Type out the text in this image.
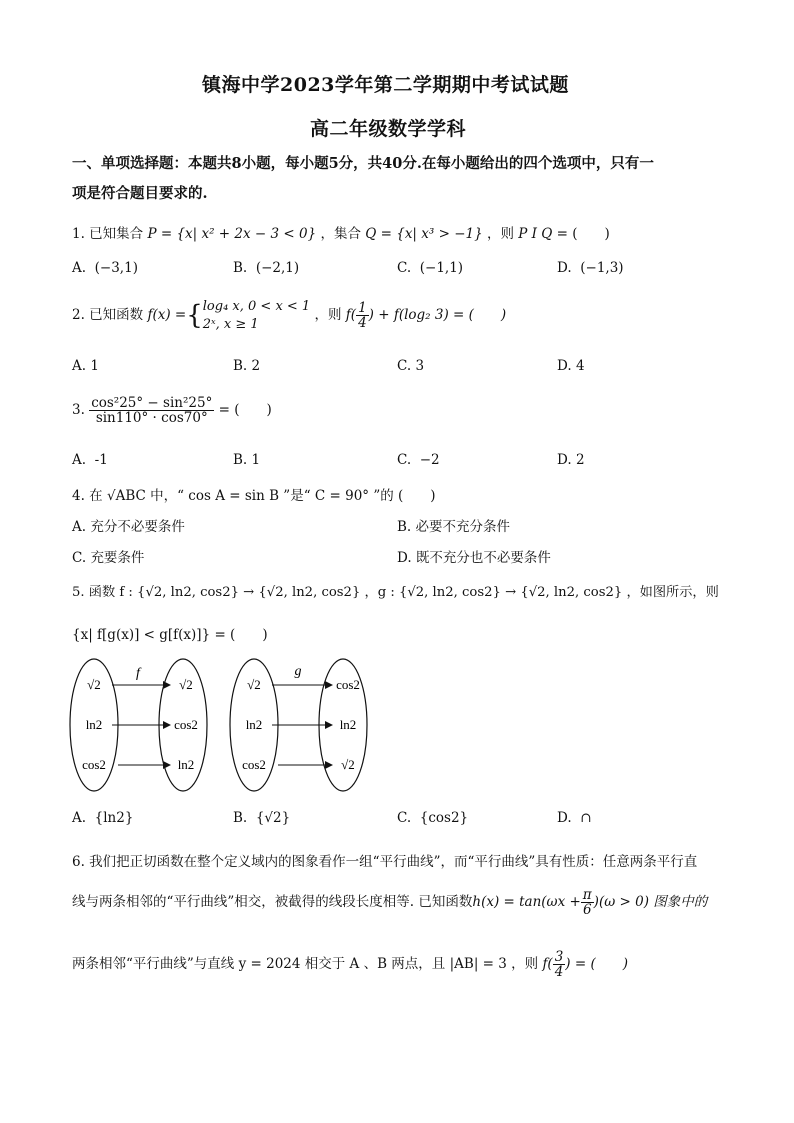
镇海中学2023学年第二学期期中考试试题
高二年级数学学科
一、单项选择题：本题共8小题，每小题5分，共40分.在每小题给出的四个选项中，只有一
项是符合题目要求的.
1. 已知集合 P = {x| x² + 2x − 3 < 0} ，集合 Q = {x| x³ > −1} ，则 P I Q = (　　)
A. (−3,1)	B. (−2,1)	C. (−1,1)	D. (−1,3)
2. 已知函数 f(x) ={ log₄ x, 0 < x < 1
2ˣ, x ≥ 1
，则 $f( \frac{1}{4}$ ) + f(log₂ 3) = (　　)
A. 1	B. 2	C. 3	D. 4
3. $\frac{\text{cos²25° − sin²25°}}{\sin 110^\circ \cdot \cos 70^\circ}$ = (　　)
A. -1	B. 1	C. −2	D. 2
4. 在 √ABC 中，“ cos A = sin B ”是“ C = 90° ”的 (　　)
A. 充分不必要条件	B. 必要不充分条件
C. 充要条件	D. 既不充分也不必要条件
5. 函数 f : {√2, ln2, cos2} → {√2, ln2, cos2} ，g : {√2, ln2, cos2} → {√2, ln2, cos2} ，如图所示，则
{x| f[g(x)] < g[f(x)]} = (　　)
f
√2
ln2
cos2
√2
cos2
ln2
g
√2
ln2
cos2
cos2
ln2
√2
A. {ln2}	B. {√2}	C. {cos2}	D. ∩
6. 我们把正切函数在整个定义域内的图象看作一组“平行曲线”，而“平行曲线”具有性质：任意两条平行直
线与两条相邻的“平行曲线”相交，被截得的线段长度相等. 已知函数$h(x) = \tan(\omega x + \frac{\pi}{6} )(\omega > 0)$ 图象中的
两条相邻“平行曲线”与直线 y = 2024 相交于 A 、B 两点，且 |AB| = 3 ，则 $f( \frac{3}{4}$ ) = (　　)
